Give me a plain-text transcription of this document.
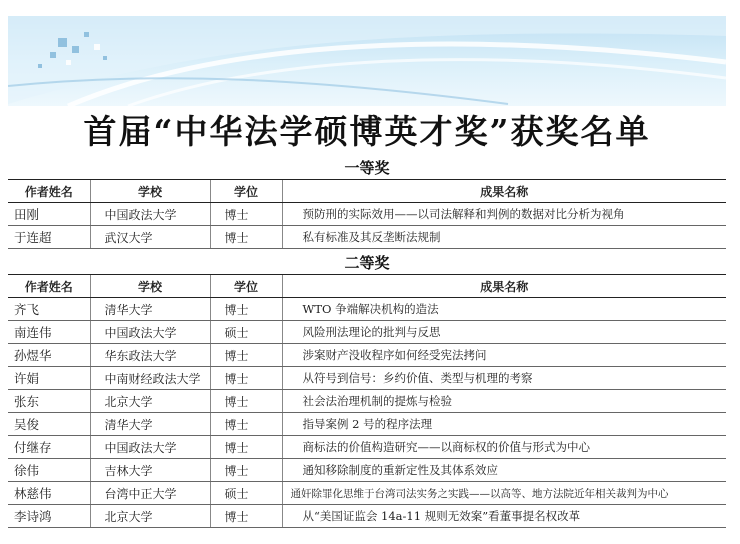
首届“中华法学硕博英才奖”获奖名单
一等奖
作者姓名	学校	学位	成果名称
田刚	中国政法大学	博士	预防刑的实际效用——以司法解释和判例的数据对比分析为视角
于连超	武汉大学	博士	私有标准及其反垄断法规制
二等奖
作者姓名	学校	学位	成果名称
齐飞	清华大学	博士	WTO 争端解决机构的造法
南连伟	中国政法大学	硕士	风险刑法理论的批判与反思
孙煜华	华东政法大学	博士	涉案财产没收程序如何经受宪法拷问
许娟	中南财经政法大学	博士	从符号到信号：乡约价值、类型与机理的考察
张东	北京大学	博士	社会法治理机制的提炼与检验
吴俊	清华大学	博士	指导案例 2 号的程序法理
付继存	中国政法大学	博士	商标法的价值构造研究——以商标权的价值与形式为中心
徐伟	吉林大学	博士	通知移除制度的重新定性及其体系效应
林慈伟	台湾中正大学	硕士	通奸除罪化思维于台湾司法实务之实践——以高等、地方法院近年相关裁判为中心
李诗鸿	北京大学	博士	从“美国证监会 14a-11 规则无效案”看董事提名权改革
